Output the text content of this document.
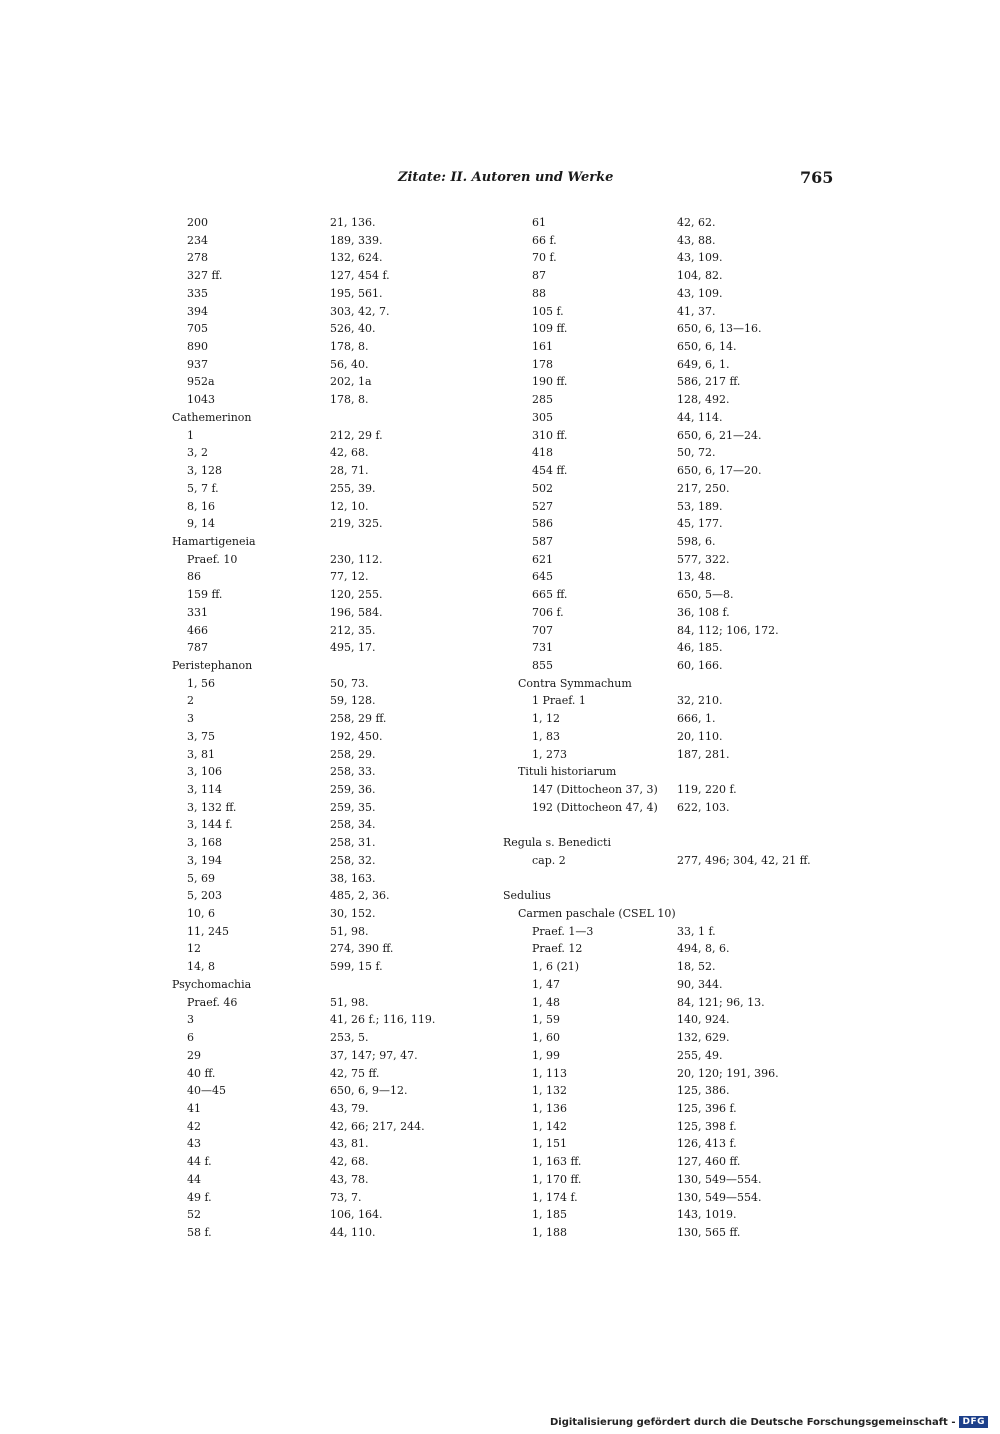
Zitate: II. Autoren und Werke	765
200	21, 136.
234	189, 339.
278	132, 624.
327 ff.	127, 454 f.
335	195, 561.
394	303, 42, 7.
705	526, 40.
890	178, 8.
937	56, 40.
952a	202, 1a
1043	178, 8.
Cathemerinon
1	212, 29 f.
3, 2	42, 68.
3, 128	28, 71.
5, 7 f.	255, 39.
8, 16	12, 10.
9, 14	219, 325.
Hamartigeneia
Praef. 10	230, 112.
86	77, 12.
159 ff.	120, 255.
331	196, 584.
466	212, 35.
787	495, 17.
Peristephanon
1, 56	50, 73.
2	59, 128.
3	258, 29 ff.
3, 75	192, 450.
3, 81	258, 29.
3, 106	258, 33.
3, 114	259, 36.
3, 132 ff.	259, 35.
3, 144 f.	258, 34.
3, 168	258, 31.
3, 194	258, 32.
5, 69	38, 163.
5, 203	485, 2, 36.
10, 6	30, 152.
11, 245	51, 98.
12	274, 390 ff.
14, 8	599, 15 f.
Psychomachia
Praef. 46	51, 98.
3	41, 26 f.; 116, 119.
6	253, 5.
29	37, 147; 97, 47.
40 ff.	42, 75 ff.
40—45	650, 6, 9—12.
41	43, 79.
42	42, 66; 217, 244.
43	43, 81.
44 f.	42, 68.
44	43, 78.
49 f.	73, 7.
52	106, 164.
58 f.	44, 110.
61	42, 62.
66 f.	43, 88.
70 f.	43, 109.
87	104, 82.
88	43, 109.
105 f.	41, 37.
109 ff.	650, 6, 13—16.
161	650, 6, 14.
178	649, 6, 1.
190 ff.	586, 217 ff.
285	128, 492.
305	44, 114.
310 ff.	650, 6, 21—24.
418	50, 72.
454 ff.	650, 6, 17—20.
502	217, 250.
527	53, 189.
586	45, 177.
587	598, 6.
621	577, 322.
645	13, 48.
665 ff.	650, 5—8.
706 f.	36, 108 f.
707	84, 112; 106, 172.
731	46, 185.
855	60, 166.
Contra Symmachum
1 Praef. 1	32, 210.
1, 12	666, 1.
1, 83	20, 110.
1, 273	187, 281.
Tituli historiarum
147 (Dittocheon 37, 3) 119, 220 f.
192 (Dittocheon 47, 4) 622, 103.
Regula s. Benedicti
cap. 2	277, 496; 304, 42, 21 ff.
Sedulius
Carmen paschale (CSEL 10)
Praef. 1—3	33, 1 f.
Praef. 12	494, 8, 6.
1, 6 (21)	18, 52.
1, 47	90, 344.
1, 48	84, 121; 96, 13.
1, 59	140, 924.
1, 60	132, 629.
1, 99	255, 49.
1, 113	20, 120; 191, 396.
1, 132	125, 386.
1, 136	125, 396 f.
1, 142	125, 398 f.
1, 151	126, 413 f.
1, 163 ff.	127, 460 ff.
1, 170 ff.	130, 549—554.
1, 174 f.	130, 549—554.
1, 185	143, 1019.
1, 188	130, 565 ff.
Digitalisierung gefördert durch die Deutsche Forschungsgemeinschaft - DFG
